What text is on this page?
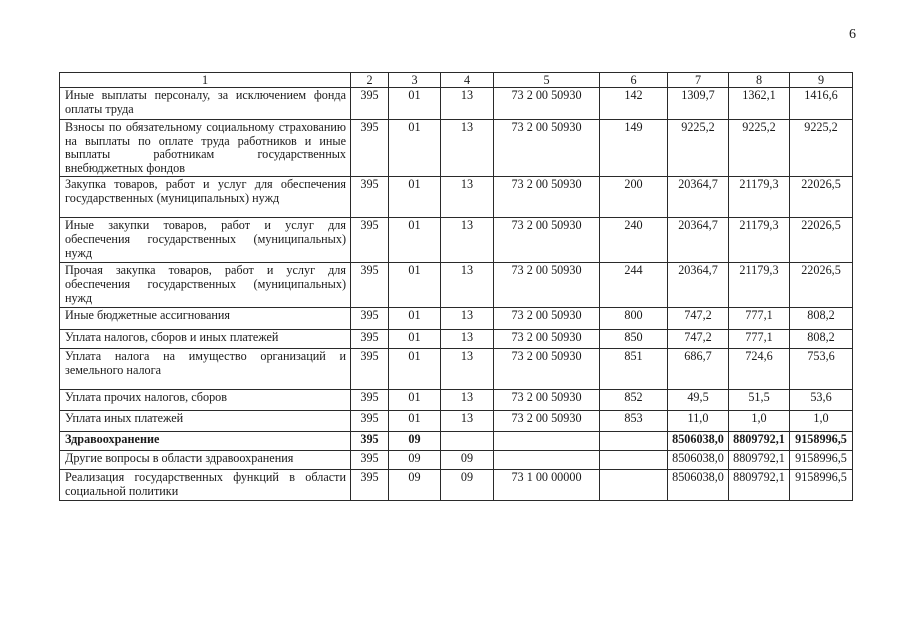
6
1	2	3	4	5	6	7	8	9
Иные выплаты персоналу, за исключением фонда оплаты труда	395	01	13	73 2 00 50930	142	1309,7	1362,1	1416,6
Взносы по обязательному социальному страхованию на выплаты по оплате труда работников и иные выплаты работникам государственных внебюджетных фондов	395	01	13	73 2 00 50930	149	9225,2	9225,2	9225,2
Закупка товаров, работ и услуг для обеспечения государственных (муниципальных) нужд	395	01	13	73 2 00 50930	200	20364,7	21179,3	22026,5
Иные закупки товаров, работ и услуг для обеспечения государственных (муниципальных) нужд	395	01	13	73 2 00 50930	240	20364,7	21179,3	22026,5
Прочая закупка товаров, работ и услуг для обеспечения государственных (муниципальных) нужд	395	01	13	73 2 00 50930	244	20364,7	21179,3	22026,5
Иные бюджетные ассигнования	395	01	13	73 2 00 50930	800	747,2	777,1	808,2
Уплата налогов, сборов и иных платежей	395	01	13	73 2 00 50930	850	747,2	777,1	808,2
Уплата налога на имущество организаций и земельного налога	395	01	13	73 2 00 50930	851	686,7	724,6	753,6
Уплата прочих налогов, сборов	395	01	13	73 2 00 50930	852	49,5	51,5	53,6
Уплата иных платежей	395	01	13	73 2 00 50930	853	11,0	1,0	1,0
Здравоохранение	395	09				8506038,0	8809792,1	9158996,5
Другие вопросы в области здравоохранения	395	09	09			8506038,0	8809792,1	9158996,5
Реализация государственных функций в области социальной политики	395	09	09	73 1 00 00000		8506038,0	8809792,1	9158996,5
